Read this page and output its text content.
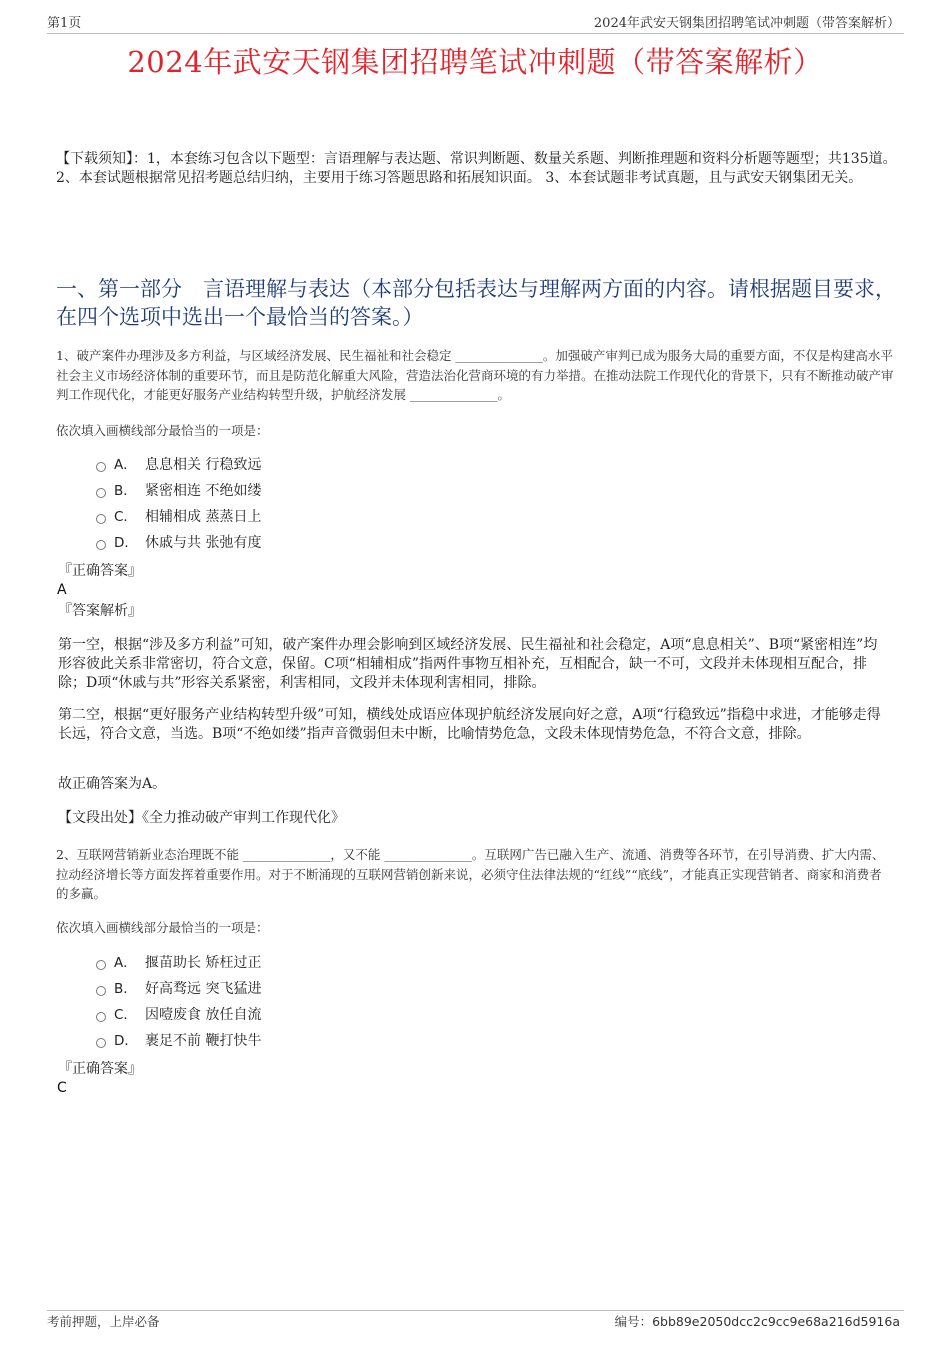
第1页	2024年武安天钢集团招聘笔试冲刺题（带答案解析）
2024年武安天钢集团招聘笔试冲刺题（带答案解析）
【下载须知】：1，本套练习包含以下题型：言语理解与表达题、常识判断题、数量关系题、判断推理题和资料分析题等题型；共135道。 2、本套试题根据常见招考题总结归纳，主要用于练习答题思路和拓展知识面。 3、本套试题非考试真题，且与武安天钢集团无关。
一、第一部分　言语理解与表达（本部分包括表达与理解两方面的内容。请根据题目要求，在四个选项中选出一个最恰当的答案。）
1、破产案件办理涉及多方利益，与区域经济发展、民生福祉和社会稳定 ______________。加强破产审判已成为服务大局的重要方面，不仅是构建高水平社会主义市场经济体制的重要环节，而且是防范化解重大风险，营造法治化营商环境的有力举措。在推动法院工作现代化的背景下，只有不断推动破产审判工作现代化，才能更好服务产业结构转型升级，护航经济发展 ______________。
依次填入画横线部分最恰当的一项是：
A． 息息相关 行稳致远
B． 紧密相连 不绝如缕
C． 相辅相成 蒸蒸日上
D． 休戚与共 张弛有度
『正确答案』
A
『答案解析』
第一空，根据“涉及多方利益”可知，破产案件办理会影响到区域经济发展、民生福祉和社会稳定，A项“息息相关”、B项“紧密相连”均形容彼此关系非常密切，符合文意，保留。C项“相辅相成”指两件事物互相补充，互相配合，缺一不可，文段并未体现相互配合，排除；D项“休戚与共”形容关系紧密，利害相同，文段并未体现利害相同，排除。
第二空，根据“更好服务产业结构转型升级”可知，横线处成语应体现护航经济发展向好之意，A项“行稳致远”指稳中求进，才能够走得长远，符合文意，当选。B项“不绝如缕”指声音微弱但未中断，比喻情势危急，文段未体现情势危急，不符合文意，排除。
故正确答案为A。
【文段出处】《全力推动破产审判工作现代化》
2、互联网营销新业态治理既不能 ______________，又不能 ______________。互联网广告已融入生产、流通、消费等各环节，在引导消费、扩大内需、拉动经济增长等方面发挥着重要作用。对于不断涌现的互联网营销创新来说，必须守住法律法规的“红线”“底线”，才能真正实现营销者、商家和消费者的多赢。
依次填入画横线部分最恰当的一项是：
A． 揠苗助长 矫枉过正
B． 好高骛远 突飞猛进
C． 因噎废食 放任自流
D． 裹足不前 鞭打快牛
『正确答案』
C
考前押题，上岸必备	编号：6bb89e2050dcc2c9cc9e68a216d5916a
